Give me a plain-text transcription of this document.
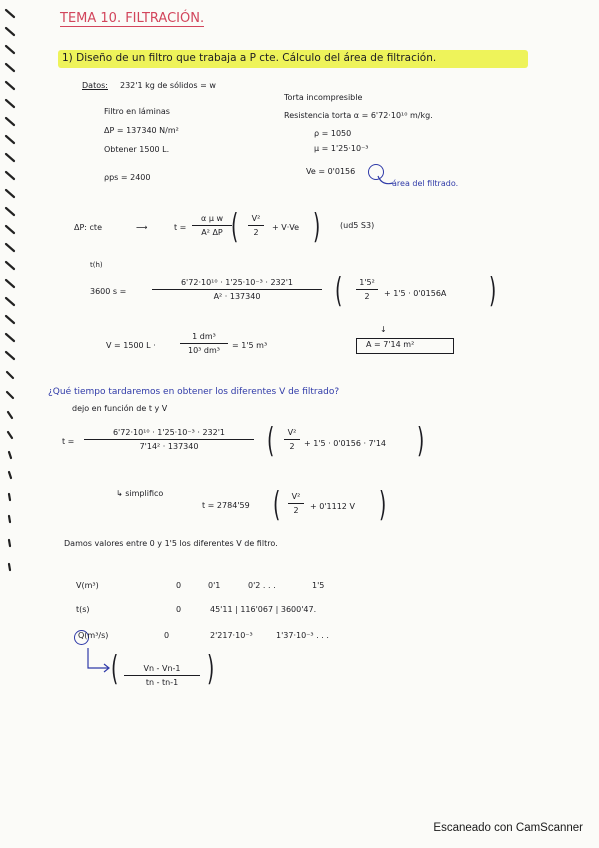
TEMA 10. FILTRACIÓN.
1) Diseño de un filtro que trabaja a P cte. Cálculo del área de filtración.
Datos: 232'1 kg de sólidos = w
Filtro en láminas
ΔP = 137340 N/m²
Obtener 1500 L.
ρps = 2400
Torta incompresible
Resistencia torta α = 6'72·10¹⁰ m/kg.
ρ = 1050
μ = 1'25·10⁻³
Ve = 0'0156
área del filtrado.
ΔP: cte	⟶	t =
α μ w
A² ΔP (	V²
2
+ V·Ve ) (ud5 S3)
t(h)
3600 s =
6'72·10¹⁰ · 1'25·10⁻³ · 232'1
A² · 137340	(	1'5²
2	+ 1'5 · 0'0156A )
V = 1500 L ·
1 dm³
10³ dm³
= 1'5 m³
↓
A = 7'14 m²
¿Qué tiempo tardaremos en obtener los diferentes V de filtrado?
dejo en función de t y V
t =
6'72·10¹⁰ · 1'25·10⁻³ · 232'1
7'14² · 137340	(	V²
2	+ 1'5 · 0'0156 · 7'14 )
↳ simplifico
t = 2784'59 (	V²
2	+ 0'1112 V )
Damos valores entre 0 y 1'5 los diferentes V de filtro.
V(m³)	0	0'1	0'2 . . .	1'5
t(s)	0	45'11 | 116'067 | 3600'47.
Q(m³/s)	0	2'217·10⁻³	1'37·10⁻³ . . .
(	Vn - Vn-1
tn - tn-1 )
Escaneado con CamScanner
